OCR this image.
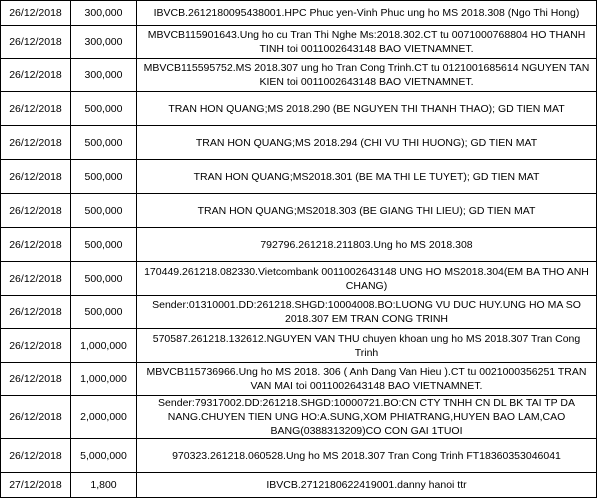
26/12/2018	300,000	IBVCB.2612180095438001.HPC Phuc yen-Vinh Phuc ung ho MS 2018.308 (Ngo Thi Hong)
26/12/2018	300,000	MBVCB115901643.Ung ho cu Tran Thi Nghe Ms:2018.302.CT tu 0071000768804 HO THANH TINH toi 0011002643148 BAO VIETNAMNET.
26/12/2018	300,000	MBVCB115595752.MS 2018.307 ung ho Tran Cong Trinh.CT tu 0121001685614 NGUYEN TAN KIEN toi 0011002643148 BAO VIETNAMNET.
26/12/2018	500,000	TRAN HON QUANG;MS 2018.290 (BE NGUYEN THI THANH THAO); GD TIEN MAT
26/12/2018	500,000	TRAN HON QUANG;MS 2018.294 (CHI VU THI HUONG); GD TIEN MAT
26/12/2018	500,000	TRAN HON QUANG;MS2018.301 (BE MA THI LE TUYET); GD TIEN MAT
26/12/2018	500,000	TRAN HON QUANG;MS2018.303 (BE GIANG THI LIEU); GD TIEN MAT
26/12/2018	500,000	792796.261218.211803.Ung ho MS 2018.308
26/12/2018	500,000	170449.261218.082330.Vietcombank 0011002643148 UNG HO MS2018.304(EM BA THO ANH CHANG)
26/12/2018	500,000	Sender:01310001.DD:261218.SHGD:10004008.BO:LUONG VU DUC HUY.UNG HO MA SO 2018.307 EM TRAN CONG TRINH
26/12/2018	1,000,000	570587.261218.132612.NGUYEN VAN THU chuyen khoan ung ho MS 2018.307 Tran Cong Trinh
26/12/2018	1,000,000	MBVCB115736966.Ung ho MS 2018. 306 ( Anh Dang Van Hieu ).CT tu 0021000356251 TRAN VAN MAI toi 0011002643148 BAO VIETNAMNET.
26/12/2018	2,000,000	Sender:79317002.DD:261218.SHGD:10000721.BO:CN CTY TNHH CN DL BK TAI TP DA NANG.CHUYEN TIEN UNG HO:A.SUNG,XOM PHIATRANG,HUYEN BAO LAM,CAO BANG(0388313209)CO CON GAI 1TUOI
26/12/2018	5,000,000	970323.261218.060528.Ung ho MS 2018.307 Tran Cong Trinh FT18360353046041
27/12/2018	1,800	IBVCB.2712180622419001.danny hanoi ttr
